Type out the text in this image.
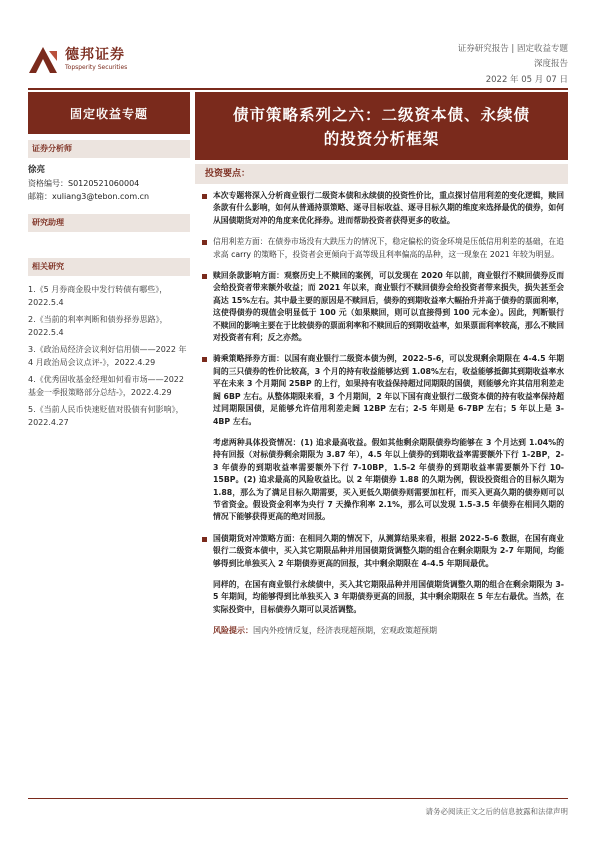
德邦证券
Topsperity Securities
证券研究报告 | 固定收益专题
深度报告
2022 年 05 月 07 日
固定收益专题
证券分析师
徐亮
资格编号：S0120521060004
邮箱：xuliang3@tebon.com.cn
研究助理
相关研究
1.《5 月券商金股中发行转债有哪些》，2022.5.4
2.《当前的利率判断和债券择券思路》，2022.5.4
3.《政治局经济会议利好信用债——2022 年 4 月政治局会议点评-》，2022.4.29
4.《优秀固收基金经理如何看市场——2022 基金一季报策略部分总结-》，2022.4.29
5.《当前人民币快速贬值对股债有何影响》，2022.4.27
债市策略系列之六：二级资本债、永续债
的投资分析框架
投资要点：

本次专题将深入分析商业银行二级资本债和永续债的投资性价比，重点探讨信用利差的变化逻辑，赎回条款有什么影响，如何从普通持票策略、逐寻目标收益、逐寻目标久期的维度来选择最优的债券，如何从国债期货对冲的角度来优化择券。进而帮助投资者获得更多的收益。

信用利差方面：在债券市场没有大跌压力的情况下，稳定偏松的资金环境是压低信用利差的基础，在追求高 carry 的策略下，投资者会更倾向于高等级且利率偏高的品种，这一现象在 2021 年较为明显。

赎回条款影响方面：观察历史上不赎回的案例，可以发现在 2020 年以前，商业银行不赎回债券反而会给投资者带来额外收益；而 2021 年以来，商业银行不赎回债券会给投资者带来损失，损失甚至会高达 15%左右。其中最主要的原因是不赎回后，债券的到期收益率大幅抬升并高于债券的票面利率，这使得债券的现值会明显低于 100 元（如果赎回，则可以直接得到 100 元本金）。因此，判断银行不赎回的影响主要在于比较债券的票面利率和不赎回后的到期收益率，如果票面利率较高，那么不赎回对投资者有利；反之亦然。

骑乘策略择券方面：以国有商业银行二级资本债为例，2022-5-6，可以发现剩余期限在 4-4.5 年期间的三只债券的性价比较高，3 个月的持有收益能够达到 1.08%左右，收益能够抵御其到期收益率水平在未来 3 个月期间 25BP 的上行，如果持有收益保持超过同期限的国债，则能够允许其信用利差走阔 6BP 左右。从整体期限来看，3 个月期间，2 年以下国有商业银行二级资本债的持有收益率保持超过同期限国债，足能够允许信用利差走阔 12BP 左右；2-5 年则是 6-7BP 左右；5 年以上是 3-4BP 左右。

考虑两种具体投资情况：(1) 追求最高收益。假如其他剩余期限债券均能够在 3 个月达到 1.04%的持有回报（对标债券剩余期限为 3.87 年），4.5 年以上债券的到期收益率需要额外下行 1-2BP，2-3 年债券的到期收益率需要额外下行 7-10BP，1.5-2 年债券的到期收益率需要额外下行 10-15BP。(2) 追求最高的风险收益比。以 2 年期债券 1.88 的久期为例，假设投资组合的目标久期为 1.88，那么为了满足目标久期需要，买入更低久期债券则需要加杠杆，而买入更高久期的债券则可以节省资金。假设资金利率为央行 7 天操作利率 2.1%，那么可以发现 1.5-3.5 年债券在相同久期的情况下能够获得更高的绝对回报。

国债期货对冲策略方面：在相同久期的情况下，从测算结果来看，根据 2022-5-6 数据，在国有商业银行二级资本债中，买入其它期限品种并用国债期货调整久期的组合在剩余期限为 2-7 年期间，均能够得到比单独买入 2 年期债券更高的回报，其中剩余期限在 4-4.5 年期间最优。

同样的，在国有商业银行永续债中，买入其它期限品种并用国债期货调整久期的组合在剩余期限为 3-5 年期间，均能够得到比单独买入 3 年期债券更高的回报，其中剩余期限在 5 年左右最优。当然，在实际投资中，目标债券久期可以灵活调整。

风险提示：国内外疫情反复，经济表现超预期，宏观政策超预期

请务必阅读正文之后的信息披露和法律声明
